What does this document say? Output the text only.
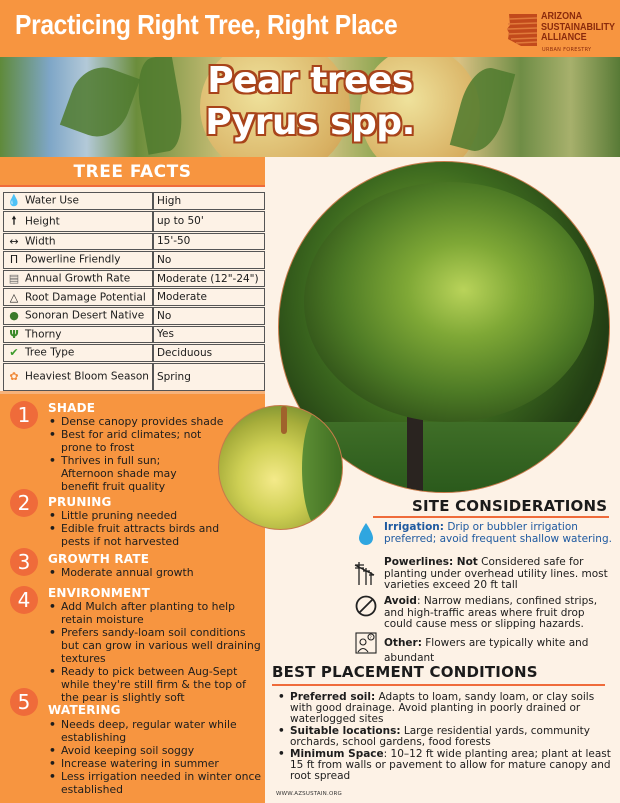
Practicing Right Tree, Right Place	ARIZONA
SUSTAINABILITY
ALLIANCE
URBAN FORESTRY
Pear trees
Pyrus spp.
TREE FACTS
💧 Water Use	High
🠕 Height	up to 50'
↔ Width	15'-50
Π Powerline Friendly	No
▤ Annual Growth Rate	Moderate (12"-24")
△ Root Damage Potential	Moderate
● Sonoran Desert Native	No
Ψ Thorny	Yes
✔ Tree Type	Deciduous
✿ Heaviest Bloom Season	Spring
1	SHADE
• Dense canopy provides shade
• Best for arid climates; not prone to frost
• Thrives in full sun; Afternoon shade may benefit fruit quality
2	PRUNING
• Little pruning needed
• Edible fruit attracts birds and pests if not harvested
3	GROWTH RATE
• Moderate annual growth
4	ENVIRONMENT
• Add Mulch after planting to help retain moisture
• Prefers sandy-loam soil conditions but can grow in various well draining textures
• Ready to pick between Aug-Sept while they're still firm & the top of the pear is slightly soft
5	WATERING
• Needs deep, regular water while establishing
• Avoid keeping soil soggy
• Increase watering in summer
• Less irrigation needed in winter once established
SITE CONSIDERATIONS
Irrigation: Drip or bubbler irrigation preferred; avoid frequent shallow watering.
Powerlines: Not Considered safe for planting under overhead utility lines. most varieties exceed 20 ft tall
Avoid: Narrow medians, confined strips, and high-traffic areas where fruit drop could cause mess or slipping hazards.
? Other: Flowers are typically white and abundant
BEST PLACEMENT CONDITIONS
• Preferred soil: Adapts to loam, sandy loam, or clay soils with good drainage. Avoid planting in poorly drained or waterlogged sites
• Suitable locations: Large residential yards, community orchards, school gardens, food forests
• Minimum Space: 10–12 ft wide planting area; plant at least 15 ft from walls or pavement to allow for mature canopy and root spread
WWW.AZSUSTAIN.ORG
